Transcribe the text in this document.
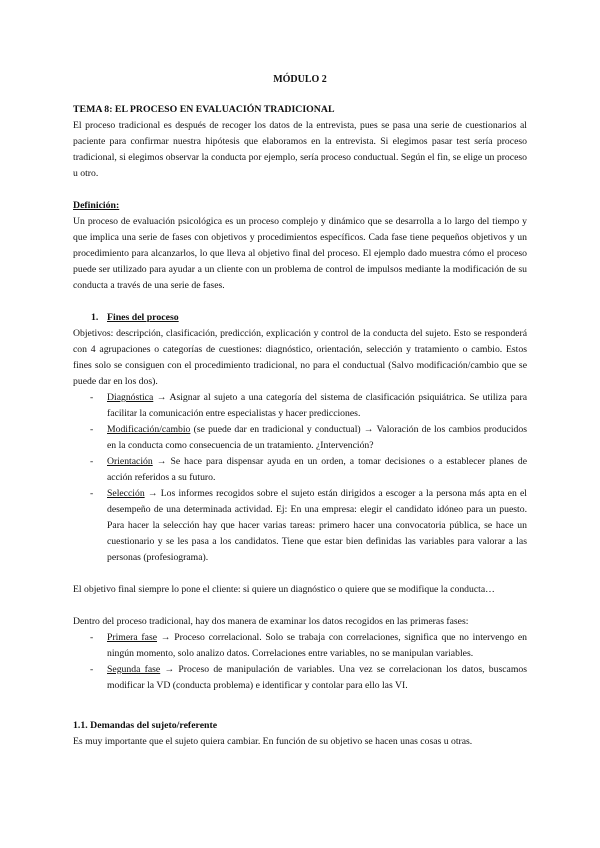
MÓDULO 2

TEMA 8: EL PROCESO EN EVALUACIÓN TRADICIONAL

El proceso tradicional es después de recoger los datos de la entrevista, pues se pasa una serie de cuestionarios al paciente para confirmar nuestra hipótesis que elaboramos en la entrevista. Si elegimos pasar test sería proceso tradicional, si elegimos observar la conducta por ejemplo, sería proceso conductual. Según el fin, se elige un proceso u otro.

Definición:

Un proceso de evaluación psicológica es un proceso complejo y dinámico que se desarrolla a lo largo del tiempo y que implica una serie de fases con objetivos y procedimientos específicos. Cada fase tiene pequeños objetivos y un procedimiento para alcanzarlos, lo que lleva al objetivo final del proceso. El ejemplo dado muestra cómo el proceso puede ser utilizado para ayudar a un cliente con un problema de control de impulsos mediante la modificación de su conducta a través de una serie de fases.

1. Fines del proceso

Objetivos: descripción, clasificación, predicción, explicación y control de la conducta del sujeto. Esto se responderá con 4 agrupaciones o categorías de cuestiones: diagnóstico, orientación, selección y tratamiento o cambio. Estos fines solo se consiguen con el procedimiento tradicional, no para el conductual (Salvo modificación/cambio que se puede dar en los dos).

- Diagnóstica → Asignar al sujeto a una categoría del sistema de clasificación psiquiátrica. Se utiliza para facilitar la comunicación entre especialistas y hacer predicciones.
- Modificación/cambio (se puede dar en tradicional y conductual) → Valoración de los cambios producidos en la conducta como consecuencia de un tratamiento. ¿Intervención?
- Orientación → Se hace para dispensar ayuda en un orden, a tomar decisiones o a establecer planes de acción referidos a su futuro.
- Selección → Los informes recogidos sobre el sujeto están dirigidos a escoger a la persona más apta en el desempeño de una determinada actividad. Ej: En una empresa: elegir el candidato idóneo para un puesto. Para hacer la selección hay que hacer varias tareas: primero hacer una convocatoria pública, se hace un cuestionario y se les pasa a los candidatos. Tiene que estar bien definidas las variables para valorar a las personas (profesiograma).

El objetivo final siempre lo pone el cliente: si quiere un diagnóstico o quiere que se modifique la conducta…

Dentro del proceso tradicional, hay dos manera de examinar los datos recogidos en las primeras fases:

- Primera fase → Proceso correlacional. Solo se trabaja con correlaciones, significa que no intervengo en ningún momento, solo analizo datos. Correlaciones entre variables, no se manipulan variables.
- Segunda fase → Proceso de manipulación de variables. Una vez se correlacionan los datos, buscamos modificar la VD (conducta problema) e identificar y contolar para ello las VI.

1.1. Demandas del sujeto/referente

Es muy importante que el sujeto quiera cambiar. En función de su objetivo se hacen unas cosas u otras.
